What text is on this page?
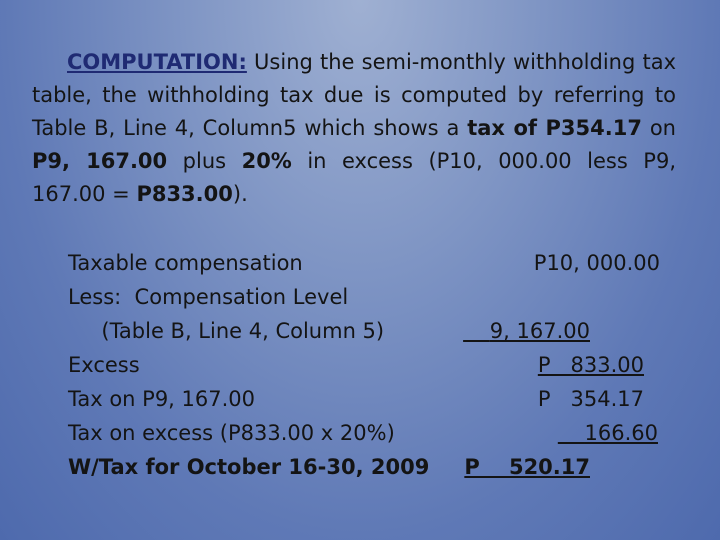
COMPUTATION: Using the semi-monthly withholding tax table, the withholding tax due is computed by referring to Table B, Line 4, Column5 which shows a tax of P354.17 on P9, 167.00 plus 20% in excess (P10, 000.00 less P9, 167.00 = P833.00).
Taxable compensation	P10, 000.00
Less:  Compensation Level
(Table B, Line 4, Column 5)	9, 167.00
Excess	P   833.00
Tax on P9, 167.00	P   354.17
Tax on excess (P833.00 x 20%)	166.60
W/Tax for October 16-30, 2009	P    520.17
